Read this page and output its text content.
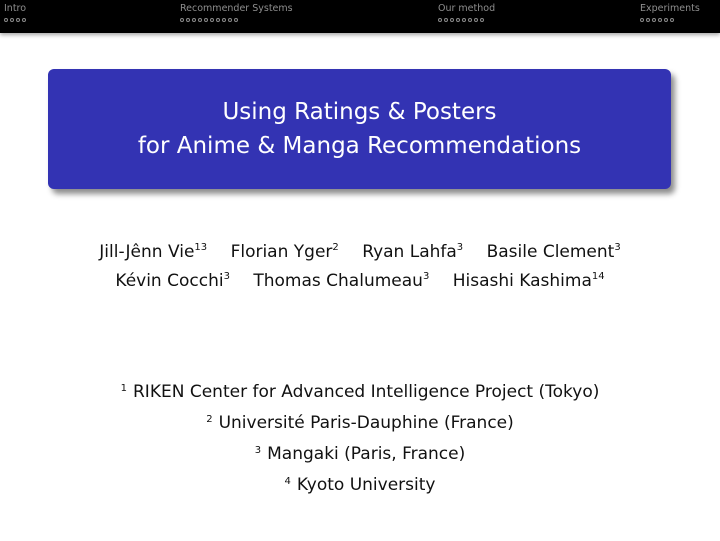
Intro	Recommender Systems	Our method	Experiments
Using Ratings & Posters
for Anime & Manga Recommendations
Jill-Jênn Vie$^{13}$ Florian Yger$^2$ Ryan Lahfa$^3$ Basile Clement$^3$
Kévin Cocchi$^3$ Thomas Chalumeau$^3$ Hisashi Kashima$^{14}$
$^1$ RIKEN Center for Advanced Intelligence Project (Tokyo)
$^2$ Université Paris-Dauphine (France)
$^3$ Mangaki (Paris, France)
$^4$ Kyoto University
